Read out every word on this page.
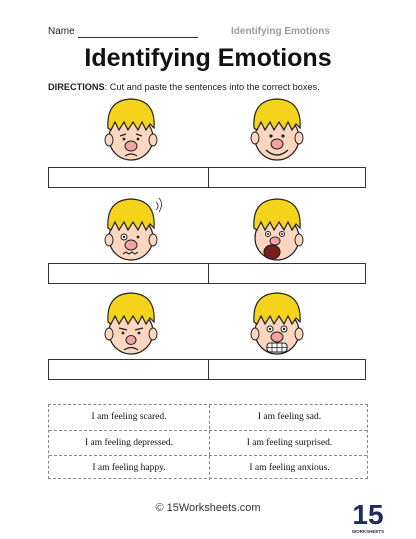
Name	Identifying Emotions
Identifying Emotions
DIRECTIONS: Cut and paste the sentences into the correct boxes.
I am feeling scared.	I am feeling sad.
I am feeling depressed.	I am feeling surprised.
I am feeling happy.	I am feeling anxious.
© 15Worksheets.com	15
WORKSHEETS
